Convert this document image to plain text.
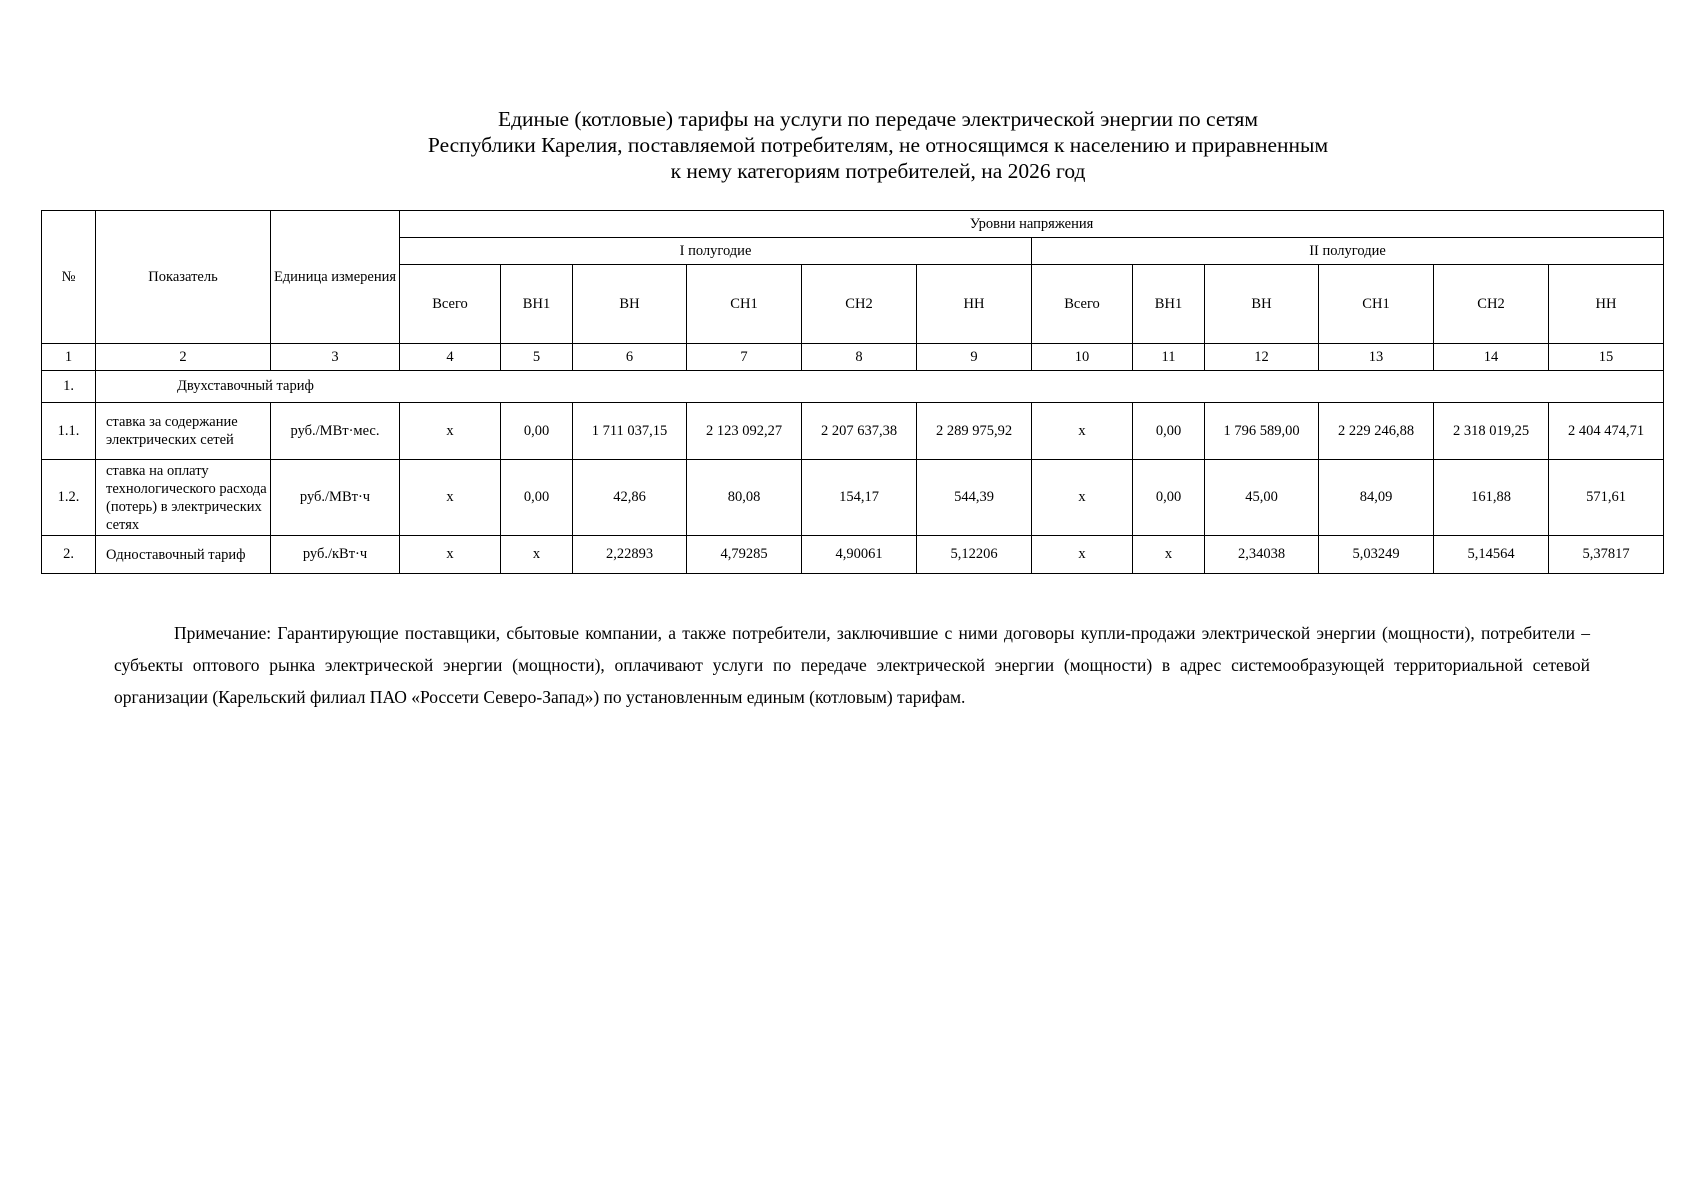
Единые (котловые) тарифы на услуги по передаче электрической энергии по сетям
Республики Карелия, поставляемой потребителям, не относящимся к населению и приравненным
к нему категориям потребителей, на 2026 год
№	Показатель	Единица измерения	Уровни напряжения											
			I полугодие						II полугодие					
			Всего	ВН1	ВН	СН1	СН2	НН	Всего	ВН1	ВН	СН1	СН2	НН
1	2	3	4	5	6	7	8	9	10	11	12	13	14	15
1.	Двухставочный тариф													
1.1.	ставка за содержание электрических сетей	руб./МВт·мес.	х	0,00	1 711 037,15	2 123 092,27	2 207 637,38	2 289 975,92	х	0,00	1 796 589,00	2 229 246,88	2 318 019,25	2 404 474,71
1.2.	ставка на оплату технологического расхода (потерь) в электрических сетях	руб./МВт·ч	х	0,00	42,86	80,08	154,17	544,39	х	0,00	45,00	84,09	161,88	571,61
2.	Одноставочный тариф	руб./кВт·ч	х	х	2,22893	4,79285	4,90061	5,12206	х	х	2,34038	5,03249	5,14564	5,37817
Примечание: Гарантирующие поставщики, сбытовые компании, а также потребители, заключившие с ними договоры купли-продажи электрической энергии (мощности), потребители – субъекты оптового рынка электрической энергии (мощности), оплачивают услуги по передаче электрической энергии (мощности) в адрес системообразующей территориальной сетевой организации (Карельский филиал ПАО «Россети Северо-Запад») по установленным единым (котловым) тарифам.
